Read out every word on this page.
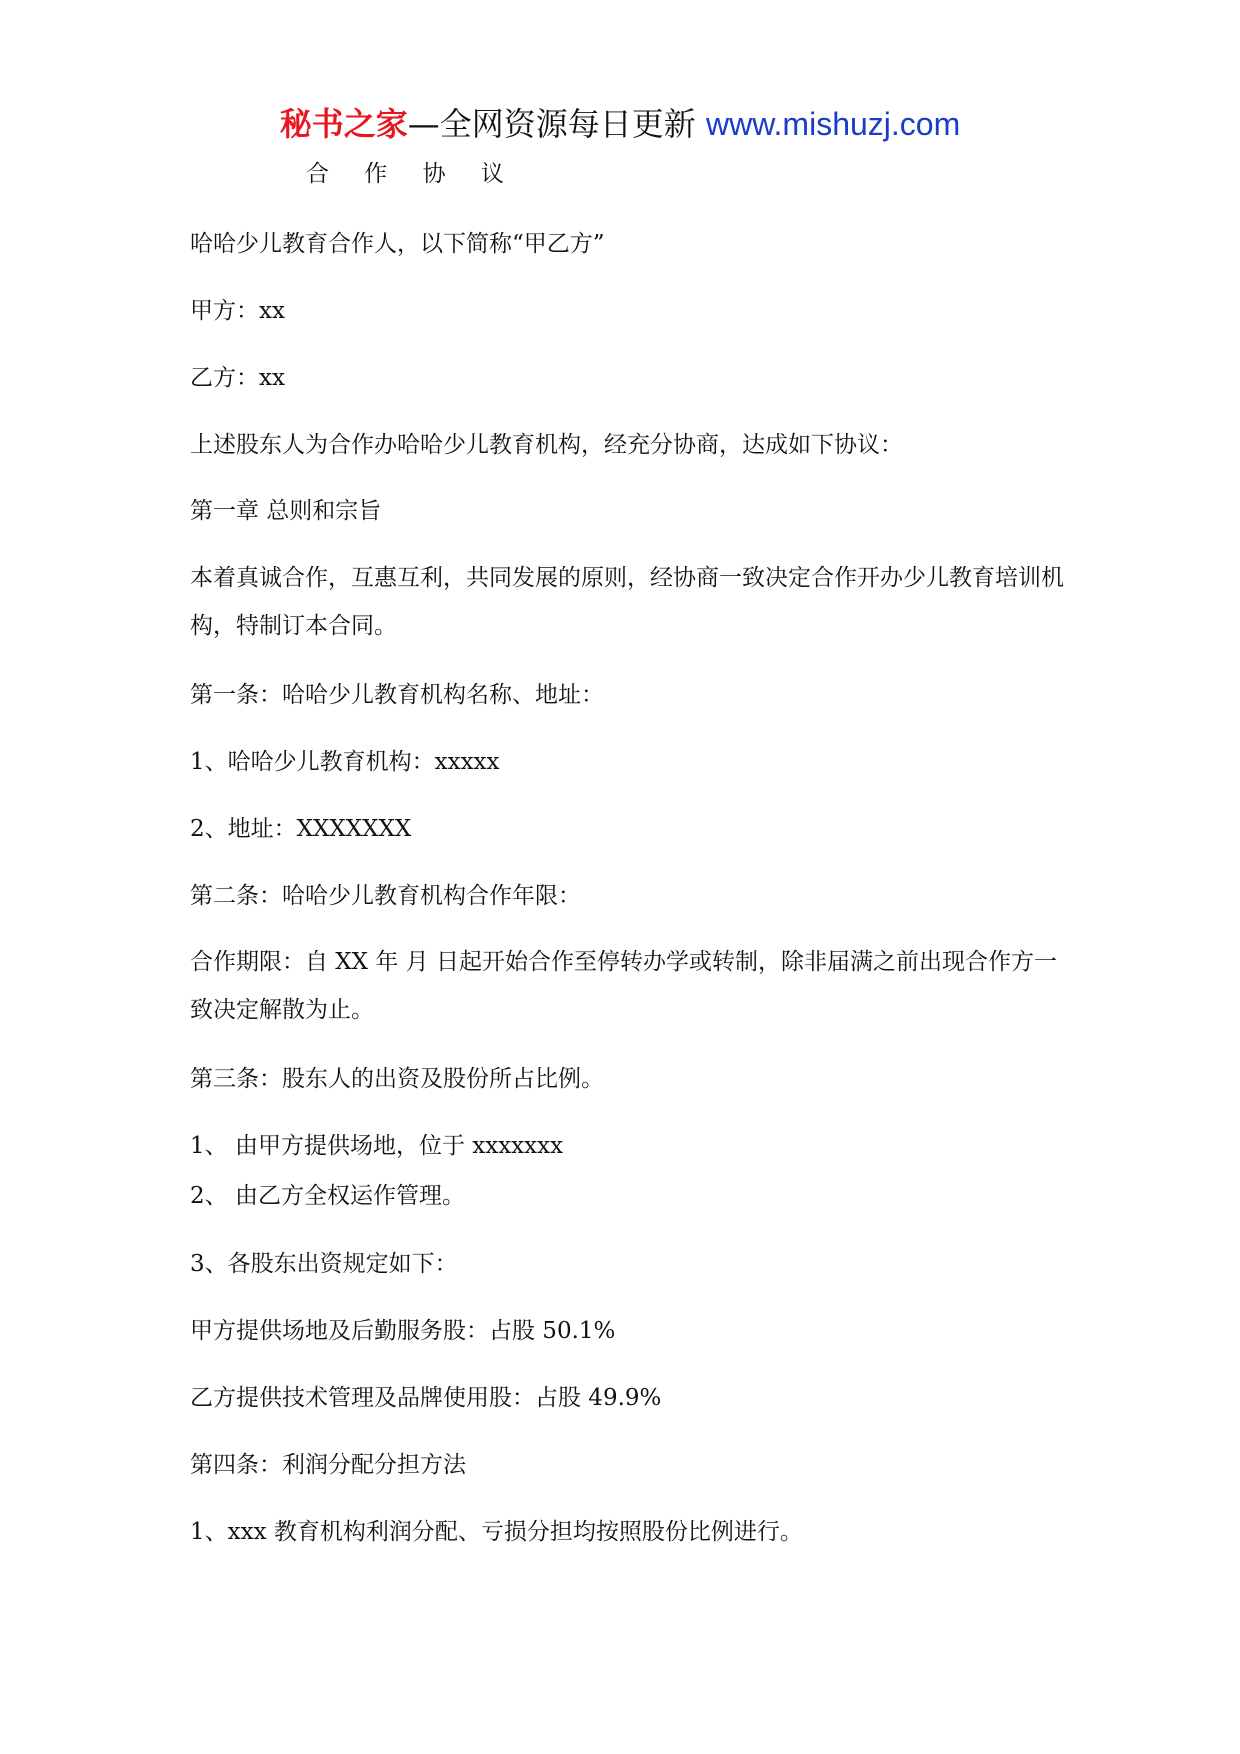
秘书之家—全网资源每日更新 www.mishuzj.com
合 作 协 议
哈哈少儿教育合作人，以下简称“甲乙方”
甲方：xx
乙方：xx
上述股东人为合作办哈哈少儿教育机构，经充分协商，达成如下协议：
第一章 总则和宗旨
本着真诚合作，互惠互利，共同发展的原则，经协商一致决定合作开办少儿教育培训机构，特制订本合同。
第一条：哈哈少儿教育机构名称、地址：
1、哈哈少儿教育机构：xxxxx
2、地址：XXXXXXX
第二条：哈哈少儿教育机构合作年限：
合作期限：自 XX 年 月 日起开始合作至停转办学或转制，除非届满之前出现合作方一致决定解散为止。
第三条：股东人的出资及股份所占比例。
1、 由甲方提供场地，位于 xxxxxxx
2、 由乙方全权运作管理。
3、各股东出资规定如下：
甲方提供场地及后勤服务股：占股 50.1%
乙方提供技术管理及品牌使用股：占股 49.9%
第四条：利润分配分担方法
1、xxx 教育机构利润分配、亏损分担均按照股份比例进行。
